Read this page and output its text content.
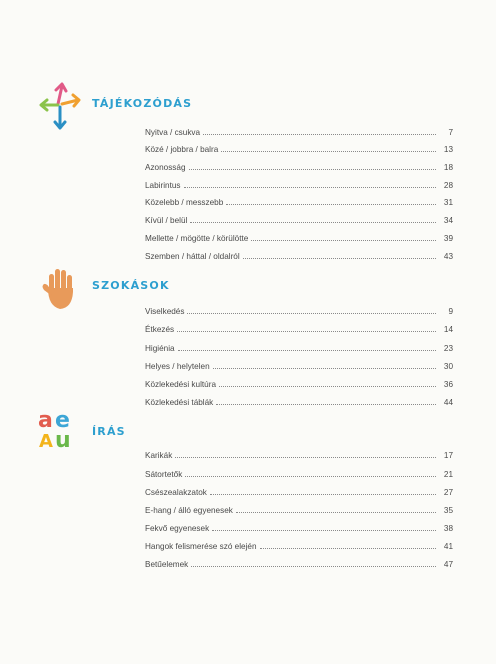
TÁJÉKOZÓDÁS
Nyitva / csukva	7
Közé / jobbra / balra	13
Azonosság	18
Labirintus	28
Közelebb / messzebb	31
Kívül / belül	34
Mellette / mögötte / körülötte	39
Szemben / háttal / oldalról	43
SZOKÁSOK
Viselkedés	9
Étkezés	14
Higiénia	23
Helyes / helytelen	30
Közlekedési kultúra	36
Közlekedési táblák	44
a e
A u ÍRÁS
Karikák	17
Sátortetők	21
Csészealakzatok	27
E-hang / álló egyenesek	35
Fekvő egyenesek	38
Hangok felismerése szó elején	41
Betűelemek	47
